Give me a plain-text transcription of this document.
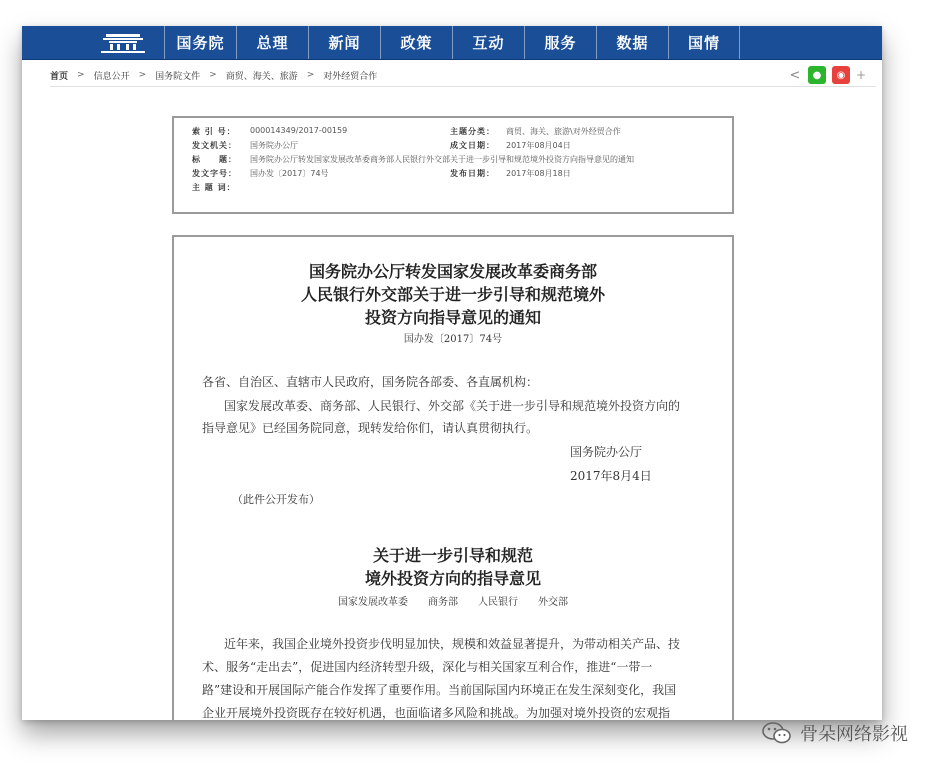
国务院	总理	新闻	政策	互动	服务	数据	国情
首页 > 信息公开 > 国务院文件 > 商贸、海关、旅游 > 对外经贸合作	<	●	◉ +
索 引 号：	000014349/2017-00159	主题分类：	商贸、海关、旅游\对外经贸合作
发文机关：	国务院办公厅	成文日期：	2017年08月04日
标　　题：	国务院办公厅转发国家发展改革委商务部人民银行外交部关于进一步引导和规范境外投资方向指导意见的通知
发文字号：	国办发〔2017〕74号	发布日期：	2017年08月18日
主 题 词：
国务院办公厅转发国家发展改革委商务部
人民银行外交部关于进一步引导和规范境外
投资方向指导意见的通知
国办发〔2017〕74号
各省、自治区、直辖市人民政府，国务院各部委、各直属机构：
国家发展改革委、商务部、人民银行、外交部《关于进一步引导和规范境外投资方向的
指导意见》已经国务院同意，现转发给你们，请认真贯彻执行。
国务院办公厅
2017年8月4日
（此件公开发布）
关于进一步引导和规范
境外投资方向的指导意见
国家发展改革委　　商务部　　人民银行　　外交部
近年来，我国企业境外投资步伐明显加快，规模和效益显著提升，为带动相关产品、技
术、服务“走出去”，促进国内经济转型升级，深化与相关国家互利合作，推进“一带一
路”建设和开展国际产能合作发挥了重要作用。当前国际国内环境正在发生深刻变化，我国
企业开展境外投资既存在较好机遇，也面临诸多风险和挑战。为加强对境外投资的宏观指
骨朵网络影视
